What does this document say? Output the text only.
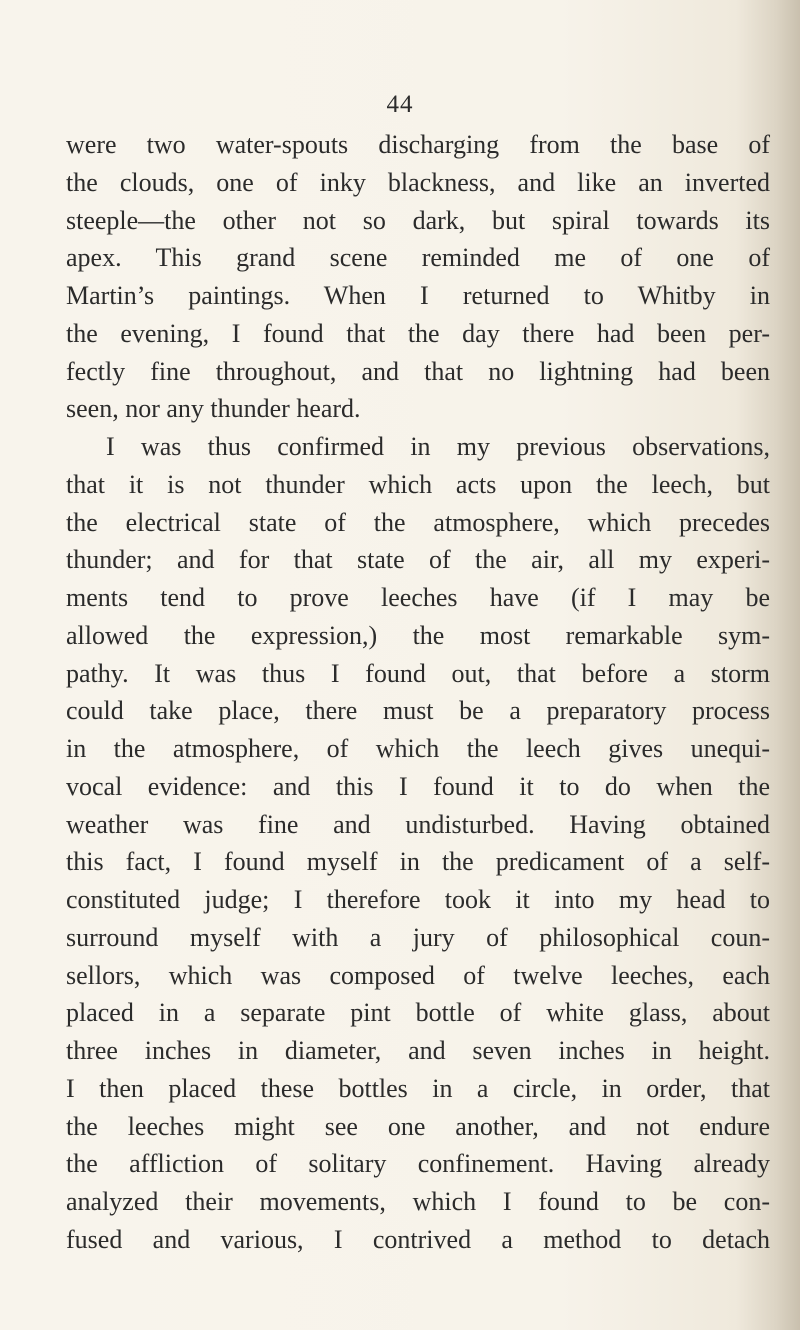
44
were two water-spouts discharging from the base of
the clouds, one of inky blackness, and like an inverted
steeple—the other not so dark, but spiral towards its
apex. This grand scene reminded me of one of
Martin’s paintings. When I returned to Whitby in
the evening, I found that the day there had been per-
fectly fine throughout, and that no lightning had been
seen, nor any thunder heard.
I was thus confirmed in my previous observations,
that it is not thunder which acts upon the leech, but
the electrical state of the atmosphere, which precedes
thunder; and for that state of the air, all my experi-
ments tend to prove leeches have (if I may be
allowed the expression,) the most remarkable sym-
pathy. It was thus I found out, that before a storm
could take place, there must be a preparatory process
in the atmosphere, of which the leech gives unequi-
vocal evidence: and this I found it to do when the
weather was fine and undisturbed. Having obtained
this fact, I found myself in the predicament of a self-
constituted judge; I therefore took it into my head to
surround myself with a jury of philosophical coun-
sellors, which was composed of twelve leeches, each
placed in a separate pint bottle of white glass, about
three inches in diameter, and seven inches in height.
I then placed these bottles in a circle, in order, that
the leeches might see one another, and not endure
the affliction of solitary confinement. Having already
analyzed their movements, which I found to be con-
fused and various, I contrived a method to detach
